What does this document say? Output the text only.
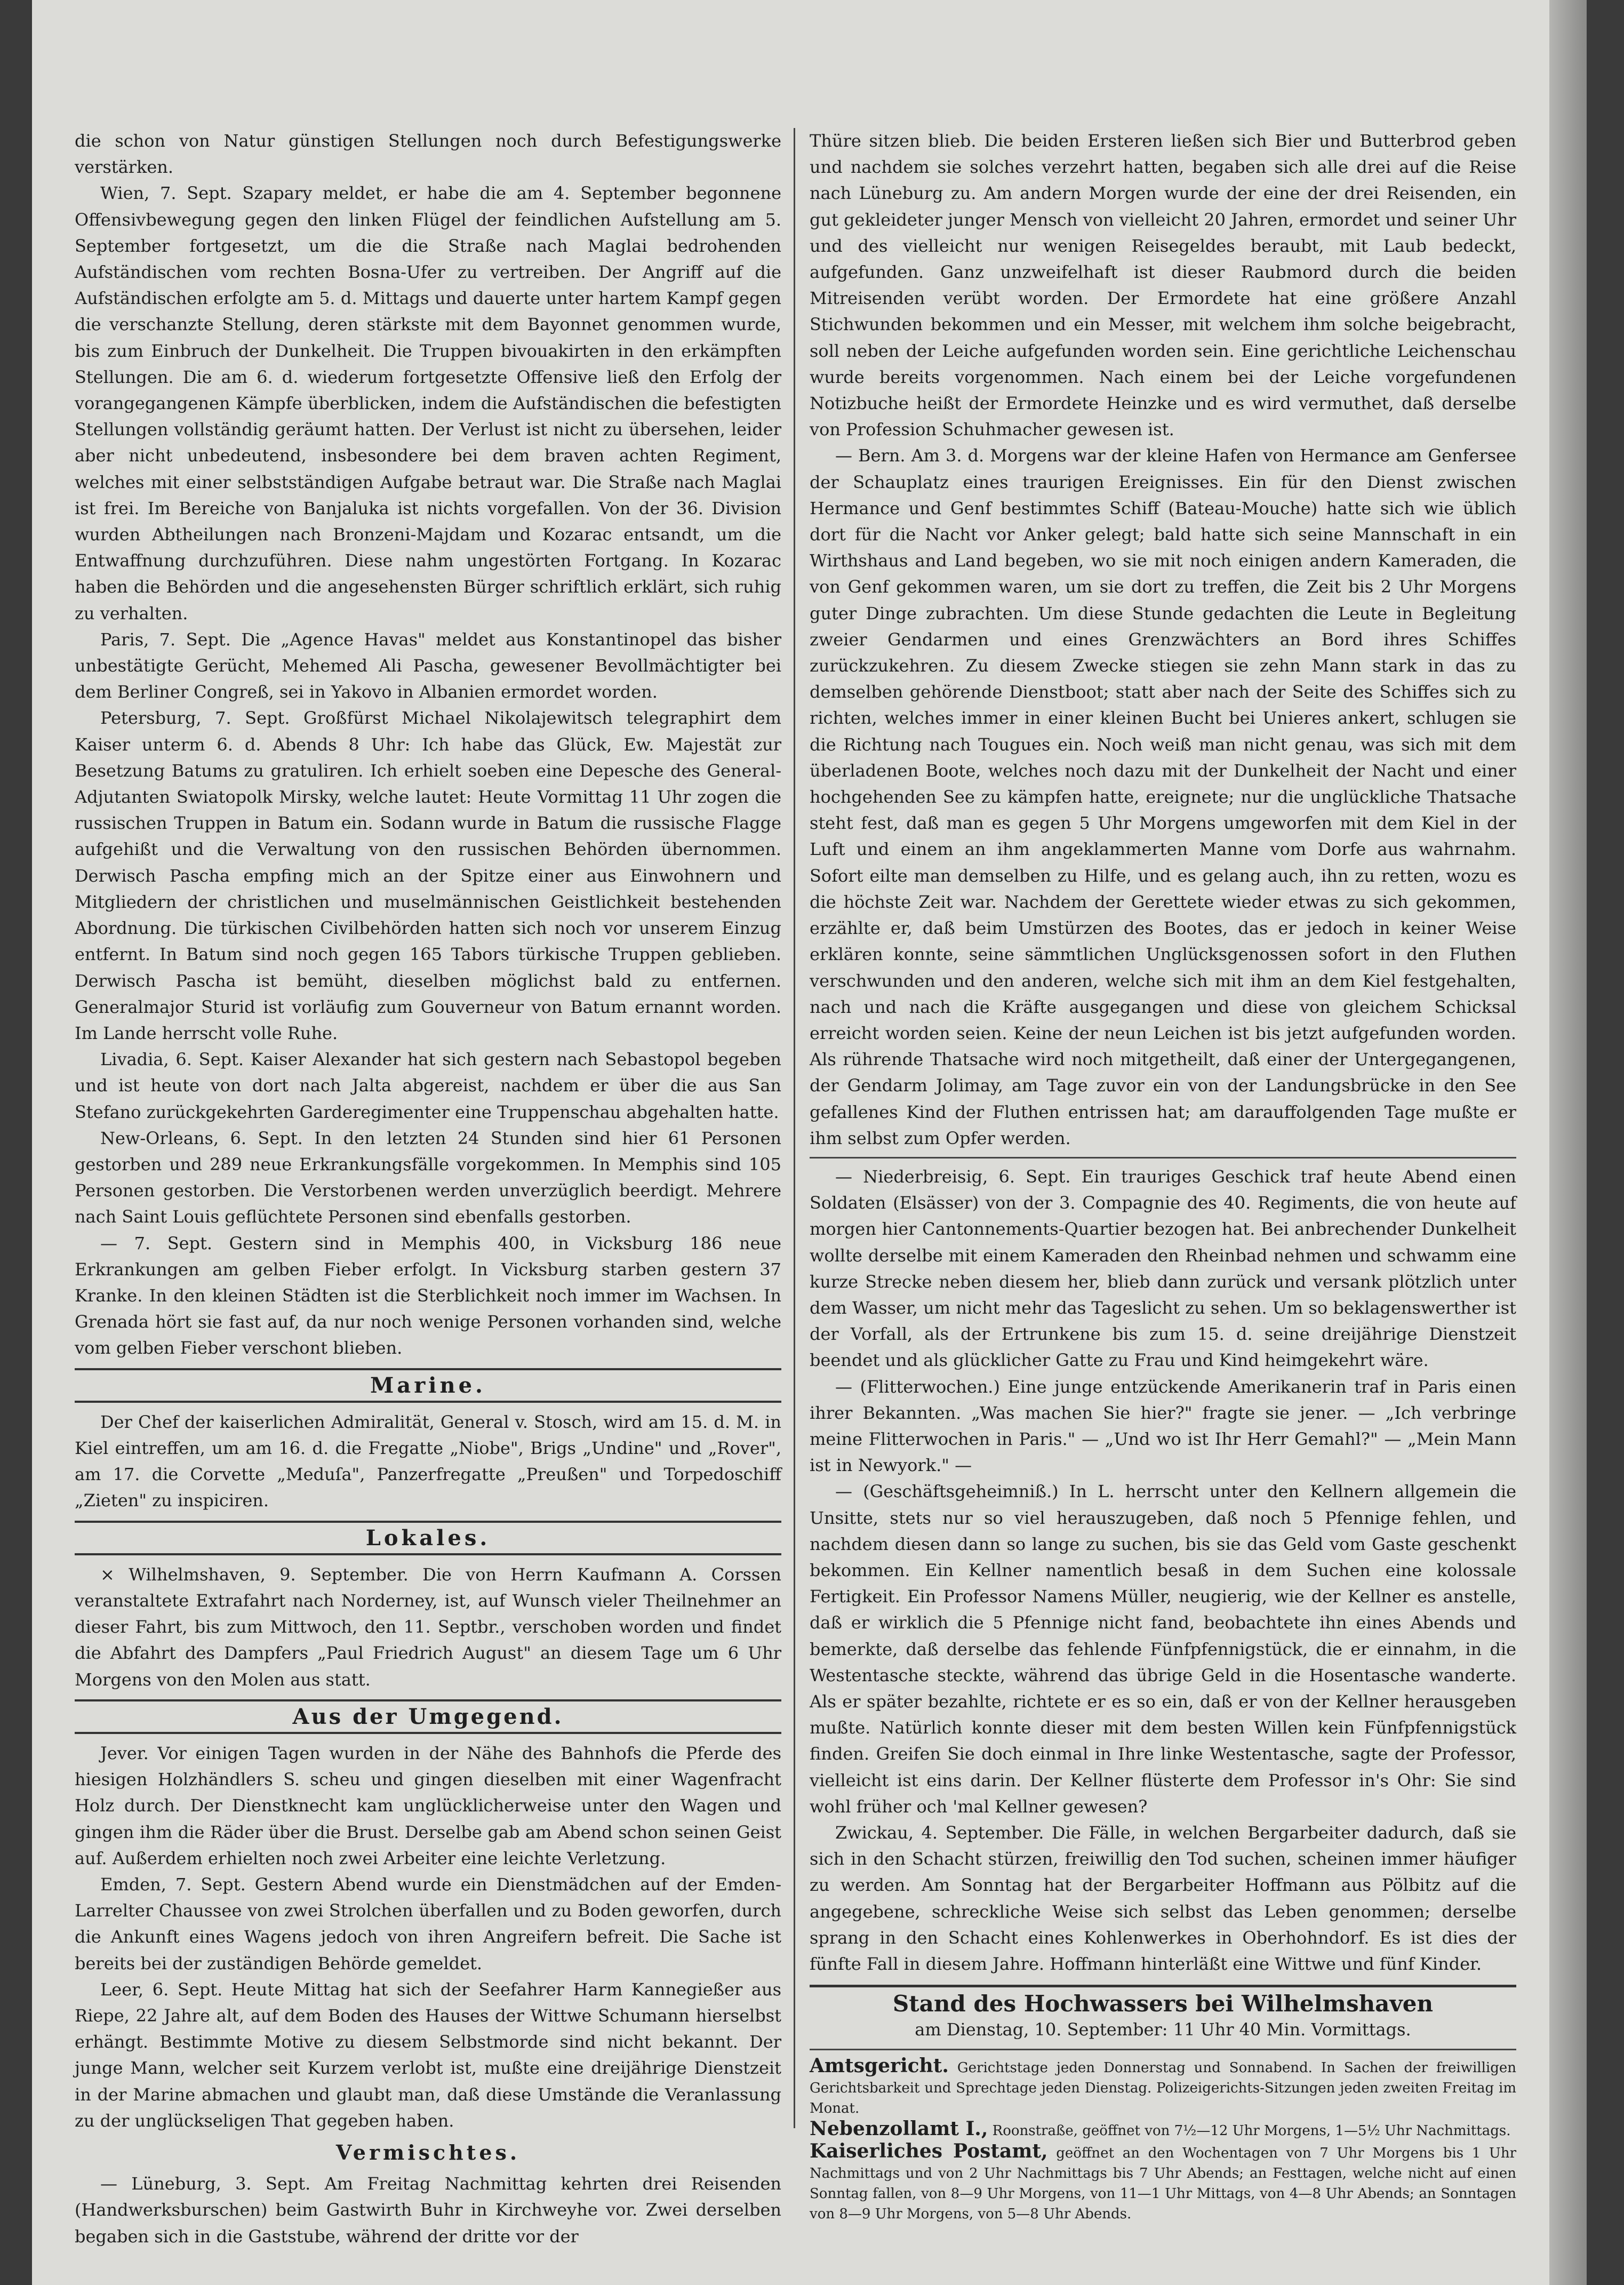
die schon von Natur günstigen Stellungen noch durch Befestigungswerke verstärken.

Wien, 7. Sept. Szapary meldet, er habe die am 4. September begonnene Offensivbewegung gegen den linken Flügel der feindlichen Aufstellung am 5. September fortgesetzt, um die die Straße nach Maglai bedrohenden Aufständischen vom rechten Bosna-Ufer zu vertreiben. Der Angriff auf die Aufständischen erfolgte am 5. d. Mittags und dauerte unter hartem Kampf gegen die verschanzte Stellung, deren stärkste mit dem Bayonnet genommen wurde, bis zum Einbruch der Dunkelheit. Die Truppen bivouakirten in den erkämpften Stellungen. Die am 6. d. wiederum fortgesetzte Offensive ließ den Erfolg der vorangegangenen Kämpfe überblicken, indem die Aufständischen die befestigten Stellungen vollständig geräumt hatten. Der Verlust ist nicht zu übersehen, leider aber nicht unbedeutend, insbesondere bei dem braven achten Regiment, welches mit einer selbstständigen Aufgabe betraut war. Die Straße nach Maglai ist frei. Im Bereiche von Banjaluka ist nichts vorgefallen. Von der 36. Division wurden Abtheilungen nach Bronzeni-Majdam und Kozarac entsandt, um die Entwaffnung durchzuführen. Diese nahm ungestörten Fortgang. In Kozarac haben die Behörden und die angesehensten Bürger schriftlich erklärt, sich ruhig zu verhalten.

Paris, 7. Sept. Die „Agence Havas" meldet aus Konstantinopel das bisher unbestätigte Gerücht, Mehemed Ali Pascha, gewesener Bevollmächtigter bei dem Berliner Congreß, sei in Yakovo in Albanien ermordet worden.

Petersburg, 7. Sept. Großfürst Michael Nikolajewitsch telegraphirt dem Kaiser unterm 6. d. Abends 8 Uhr: Ich habe das Glück, Ew. Majestät zur Besetzung Batums zu gratuliren. Ich erhielt soeben eine Depesche des General-Adjutanten Swiatopolk Mirsky, welche lautet: Heute Vormittag 11 Uhr zogen die russischen Truppen in Batum ein. Sodann wurde in Batum die russische Flagge aufgehißt und die Verwaltung von den russischen Behörden übernommen. Derwisch Pascha empfing mich an der Spitze einer aus Einwohnern und Mitgliedern der christlichen und muselmännischen Geistlichkeit bestehenden Abordnung. Die türkischen Civilbehörden hatten sich noch vor unserem Einzug entfernt. In Batum sind noch gegen 165 Tabors türkische Truppen geblieben. Derwisch Pascha ist bemüht, dieselben möglichst bald zu entfernen. Generalmajor Sturid ist vorläufig zum Gouverneur von Batum ernannt worden. Im Lande herrscht volle Ruhe.

Livadia, 6. Sept. Kaiser Alexander hat sich gestern nach Sebastopol begeben und ist heute von dort nach Jalta abgereist, nachdem er über die aus San Stefano zurückgekehrten Garderegimenter eine Truppenschau abgehalten hatte.

New-Orleans, 6. Sept. In den letzten 24 Stunden sind hier 61 Personen gestorben und 289 neue Erkrankungsfälle vorgekommen. In Memphis sind 105 Personen gestorben. Die Verstorbenen werden unverzüglich beerdigt. Mehrere nach Saint Louis geflüchtete Personen sind ebenfalls gestorben.

— 7. Sept. Gestern sind in Memphis 400, in Vicksburg 186 neue Erkrankungen am gelben Fieber erfolgt. In Vicksburg starben gestern 37 Kranke. In den kleinen Städten ist die Sterblichkeit noch immer im Wachsen. In Grenada hört sie fast auf, da nur noch wenige Personen vorhanden sind, welche vom gelben Fieber verschont blieben.

Marine.

Der Chef der kaiserlichen Admiralität, General v. Stosch, wird am 15. d. M. in Kiel eintreffen, um am 16. d. die Fregatte „Niobe", Brigs „Undine" und „Rover", am 17. die Corvette „Meduſa", Panzerfregatte „Preußen" und Torpedoschiff „Zieten" zu inspiciren.

Lokales.

× Wilhelmshaven, 9. September. Die von Herrn Kaufmann A. Corssen veranstaltete Extrafahrt nach Norderney, ist, auf Wunsch vieler Theilnehmer an dieser Fahrt, bis zum Mittwoch, den 11. Septbr., verschoben worden und findet die Abfahrt des Dampfers „Paul Friedrich August" an diesem Tage um 6 Uhr Morgens von den Molen aus statt.

Aus der Umgegend.

Jever. Vor einigen Tagen wurden in der Nähe des Bahnhofs die Pferde des hiesigen Holzhändlers S. scheu und gingen dieselben mit einer Wagenfracht Holz durch. Der Dienstknecht kam unglücklicherweise unter den Wagen und gingen ihm die Räder über die Brust. Derselbe gab am Abend schon seinen Geist auf. Außerdem erhielten noch zwei Arbeiter eine leichte Verletzung.

Emden, 7. Sept. Gestern Abend wurde ein Dienstmädchen auf der Emden-Larrelter Chaussee von zwei Strolchen überfallen und zu Boden geworfen, durch die Ankunft eines Wagens jedoch von ihren Angreifern befreit. Die Sache ist bereits bei der zuständigen Behörde gemeldet.

Leer, 6. Sept. Heute Mittag hat sich der Seefahrer Harm Kannegießer aus Riepe, 22 Jahre alt, auf dem Boden des Hauses der Wittwe Schumann hierselbst erhängt. Bestimmte Motive zu diesem Selbstmorde sind nicht bekannt. Der junge Mann, welcher seit Kurzem verlobt ist, mußte eine dreijährige Dienstzeit in der Marine abmachen und glaubt man, daß diese Umstände die Veranlassung zu der unglückseligen That gegeben haben.

Vermischtes.

— Lüneburg, 3. Sept. Am Freitag Nachmittag kehrten drei Reisenden (Handwerksburschen) beim Gastwirth Buhr in Kirchweyhe vor. Zwei derselben begaben sich in die Gaststube, während der dritte vor der

Thüre sitzen blieb. Die beiden Ersteren ließen sich Bier und Butterbrod geben und nachdem sie solches verzehrt hatten, begaben sich alle drei auf die Reise nach Lüneburg zu. Am andern Morgen wurde der eine der drei Reisenden, ein gut gekleideter junger Mensch von vielleicht 20 Jahren, ermordet und seiner Uhr und des vielleicht nur wenigen Reisegeldes beraubt, mit Laub bedeckt, aufgefunden. Ganz unzweifelhaft ist dieser Raubmord durch die beiden Mitreisenden verübt worden. Der Ermordete hat eine größere Anzahl Stichwunden bekommen und ein Messer, mit welchem ihm solche beigebracht, soll neben der Leiche aufgefunden worden sein. Eine gerichtliche Leichenschau wurde bereits vorgenommen. Nach einem bei der Leiche vorgefundenen Notizbuche heißt der Ermordete Heinzke und es wird vermuthet, daß derselbe von Profession Schuhmacher gewesen ist.

— Bern. Am 3. d. Morgens war der kleine Hafen von Hermance am Genfersee der Schauplatz eines traurigen Ereignisses. Ein für den Dienst zwischen Hermance und Genf bestimmtes Schiff (Bateau-Mouche) hatte sich wie üblich dort für die Nacht vor Anker gelegt; bald hatte sich seine Mannschaft in ein Wirthshaus and Land begeben, wo sie mit noch einigen andern Kameraden, die von Genf gekommen waren, um sie dort zu treffen, die Zeit bis 2 Uhr Morgens guter Dinge zubrachten. Um diese Stunde gedachten die Leute in Begleitung zweier Gendarmen und eines Grenzwächters an Bord ihres Schiffes zurückzukehren. Zu diesem Zwecke stiegen sie zehn Mann stark in das zu demselben gehörende Dienstboot; statt aber nach der Seite des Schiffes sich zu richten, welches immer in einer kleinen Bucht bei Unieres ankert, schlugen sie die Richtung nach Tougues ein. Noch weiß man nicht genau, was sich mit dem überladenen Boote, welches noch dazu mit der Dunkelheit der Nacht und einer hochgehenden See zu kämpfen hatte, ereignete; nur die unglückliche Thatsache steht fest, daß man es gegen 5 Uhr Morgens umgeworfen mit dem Kiel in der Luft und einem an ihm angeklammerten Manne vom Dorfe aus wahrnahm. Sofort eilte man demselben zu Hilfe, und es gelang auch, ihn zu retten, wozu es die höchste Zeit war. Nachdem der Gerettete wieder etwas zu sich gekommen, erzählte er, daß beim Umstürzen des Bootes, das er jedoch in keiner Weise erklären konnte, seine sämmtlichen Unglücksgenossen sofort in den Fluthen verschwunden und den anderen, welche sich mit ihm an dem Kiel festgehalten, nach und nach die Kräfte ausgegangen und diese von gleichem Schicksal erreicht worden seien. Keine der neun Leichen ist bis jetzt aufgefunden worden. Als rührende Thatsache wird noch mitgetheilt, daß einer der Untergegangenen, der Gendarm Jolimay, am Tage zuvor ein von der Landungsbrücke in den See gefallenes Kind der Fluthen entrissen hat; am darauffolgenden Tage mußte er ihm selbst zum Opfer werden.

— Niederbreisig, 6. Sept. Ein trauriges Geschick traf heute Abend einen Soldaten (Elsässer) von der 3. Compagnie des 40. Regiments, die von heute auf morgen hier Cantonnements-Quartier bezogen hat. Bei anbrechender Dunkelheit wollte derselbe mit einem Kameraden den Rheinbad nehmen und schwamm eine kurze Strecke neben diesem her, blieb dann zurück und versank plötzlich unter dem Wasser, um nicht mehr das Tageslicht zu sehen. Um so beklagenswerther ist der Vorfall, als der Ertrunkene bis zum 15. d. seine dreijährige Dienstzeit beendet und als glücklicher Gatte zu Frau und Kind heimgekehrt wäre.

— (Flitterwochen.) Eine junge entzückende Amerikanerin traf in Paris einen ihrer Bekannten. „Was machen Sie hier?" fragte sie jener. — „Ich verbringe meine Flitterwochen in Paris." — „Und wo ist Ihr Herr Gemahl?" — „Mein Mann ist in Newyork." —

— (Geschäftsgeheimniß.) In L. herrscht unter den Kellnern allgemein die Unsitte, stets nur so viel herauszugeben, daß noch 5 Pfennige fehlen, und nachdem diesen dann so lange zu suchen, bis sie das Geld vom Gaste geschenkt bekommen. Ein Kellner namentlich besaß in dem Suchen eine kolossale Fertigkeit. Ein Professor Namens Müller, neugierig, wie der Kellner es anstelle, daß er wirklich die 5 Pfennige nicht fand, beobachtete ihn eines Abends und bemerkte, daß derselbe das fehlende Fünfpfennigstück, die er einnahm, in die Westentasche steckte, während das übrige Geld in die Hosentasche wanderte. Als er später bezahlte, richtete er es so ein, daß er von der Kellner herausgeben mußte. Natürlich konnte dieser mit dem besten Willen kein Fünfpfennigstück finden. Greifen Sie doch einmal in Ihre linke Westentasche, sagte der Professor, vielleicht ist eins darin. Der Kellner flüsterte dem Professor in's Ohr: Sie sind wohl früher och 'mal Kellner gewesen?

Zwickau, 4. September. Die Fälle, in welchen Bergarbeiter dadurch, daß sie sich in den Schacht stürzen, freiwillig den Tod suchen, scheinen immer häufiger zu werden. Am Sonntag hat der Bergarbeiter Hoffmann aus Pölbitz auf die angegebene, schreckliche Weise sich selbst das Leben genommen; derselbe sprang in den Schacht eines Kohlenwerkes in Oberhohndorf. Es ist dies der fünfte Fall in diesem Jahre. Hoffmann hinterläßt eine Wittwe und fünf Kinder.

Stand des Hochwassers bei Wilhelmshaven
am Dienstag, 10. September: 11 Uhr 40 Min. Vormittags.
Amtsgericht. Gerichtstage jeden Donnerstag und Sonnabend. In Sachen der freiwilligen Gerichtsbarkeit und Sprechtage jeden Dienstag. Polizeigerichts-Sitzungen jeden zweiten Freitag im Monat.
Nebenzollamt I., Roonstraße, geöffnet von 7½—12 Uhr Morgens, 1—5½ Uhr Nachmittags.
Kaiserliches Postamt, geöffnet an den Wochentagen von 7 Uhr Morgens bis 1 Uhr Nachmittags und von 2 Uhr Nachmittags bis 7 Uhr Abends; an Festtagen, welche nicht auf einen Sonntag fallen, von 8—9 Uhr Morgens, von 11—1 Uhr Mittags, von 4—8 Uhr Abends; an Sonntagen von 8—9 Uhr Morgens, von 5—8 Uhr Abends.
